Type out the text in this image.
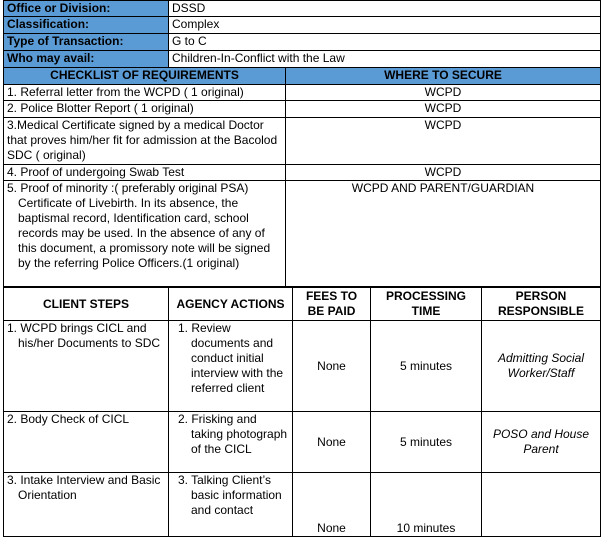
Office or Division:	DSSD	
Classification:	Complex	
Type of Transaction:	G to C	
Who may avail:	Children-In-Conflict with the Law	
CHECKLIST OF REQUIREMENTS		WHERE TO SECURE
1. Referral letter from the WCPD ( 1 original)		WCPD
2. Police Blotter Report ( 1 original)		WCPD
3.Medical Certificate signed by a medical Doctor that proves him/her fit for admission at the Bacolod SDC ( original)		WCPD
4. Proof of undergoing Swab Test		WCPD

5. Proof of minority :( preferably original PSA) Certificate of Livebirth. In its absence, the baptismal record, Identification card, school records may be used. In the absence of any of this document, a promissory note will be signed by the referring Police Officers.(1 original)		WCPD AND PARENT/GUARDIAN
CLIENT STEPS	AGENCY ACTIONS	FEES TO BE PAID	PROCESSING TIME	PERSON RESPONSIBLE

1. WCPD brings CICL and his/her Documents to SDC	1. Review documents and conduct initial interview with the referred client	None	5 minutes	Admitting Social Worker/Staff
2. Body Check of CICL	2. Frisking and taking photograph of the CICL	None	5 minutes	POSO and House Parent

3. Intake Interview and Basic Orientation	3. Talking Client’s basic information and contact	None	10 minutes	
